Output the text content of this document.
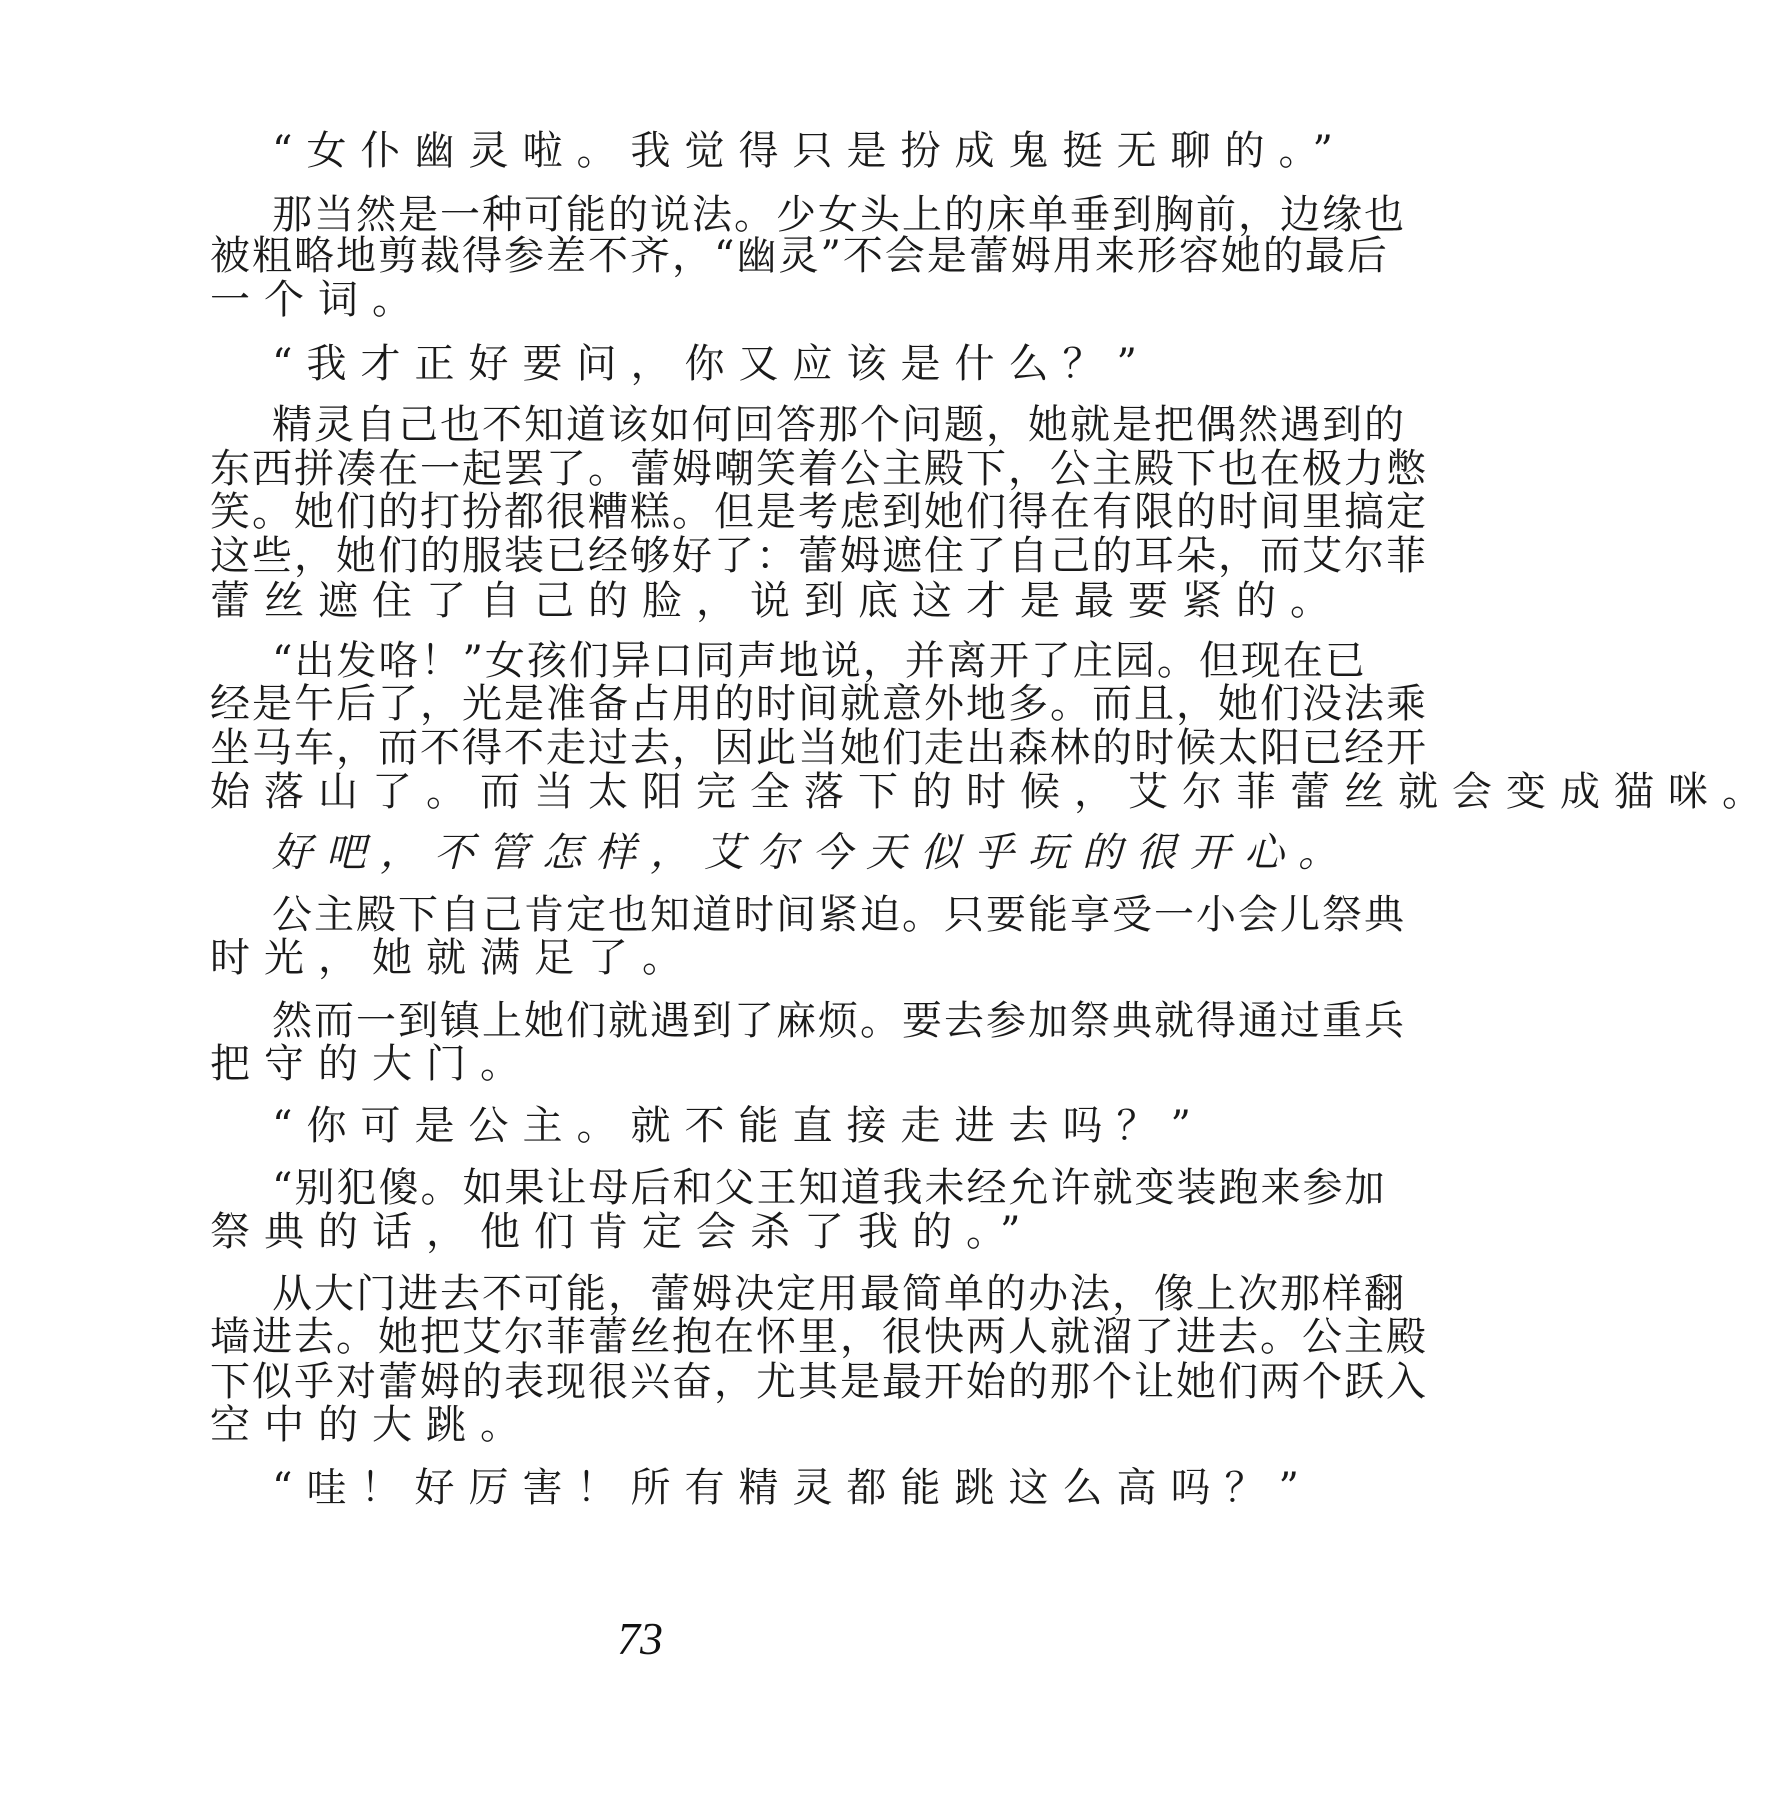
“女仆幽灵啦。我觉得只是扮成鬼挺无聊的。”
那当然是一种可能的说法。少女头上的床单垂到胸前，边缘也
被粗略地剪裁得参差不齐，“幽灵”不会是蕾姆用来形容她的最后
一个词。
“我才正好要问，你又应该是什么？”
精灵自己也不知道该如何回答那个问题，她就是把偶然遇到的
东西拼凑在一起罢了。蕾姆嘲笑着公主殿下，公主殿下也在极力憋
笑。她们的打扮都很糟糕。但是考虑到她们得在有限的时间里搞定
这些，她们的服装已经够好了：蕾姆遮住了自己的耳朵，而艾尔菲
蕾丝遮住了自己的脸，说到底这才是最要紧的。
“出发咯！”女孩们异口同声地说，并离开了庄园。但现在已
经是午后了，光是准备占用的时间就意外地多。而且，她们没法乘
坐马车，而不得不走过去，因此当她们走出森林的时候太阳已经开
始落山了。而当太阳完全落下的时候，艾尔菲蕾丝就会变成猫咪。
好吧，不管怎样，艾尔今天似乎玩的很开心。
公主殿下自己肯定也知道时间紧迫。只要能享受一小会儿祭典
时光，她就满足了。
然而一到镇上她们就遇到了麻烦。要去参加祭典就得通过重兵
把守的大门。
“你可是公主。就不能直接走进去吗？”
“别犯傻。如果让母后和父王知道我未经允许就变装跑来参加
祭典的话，他们肯定会杀了我的。”
从大门进去不可能，蕾姆决定用最简单的办法，像上次那样翻
墙进去。她把艾尔菲蕾丝抱在怀里，很快两人就溜了进去。公主殿
下似乎对蕾姆的表现很兴奋，尤其是最开始的那个让她们两个跃入
空中的大跳。
“哇！好厉害！所有精灵都能跳这么高吗？”
73
